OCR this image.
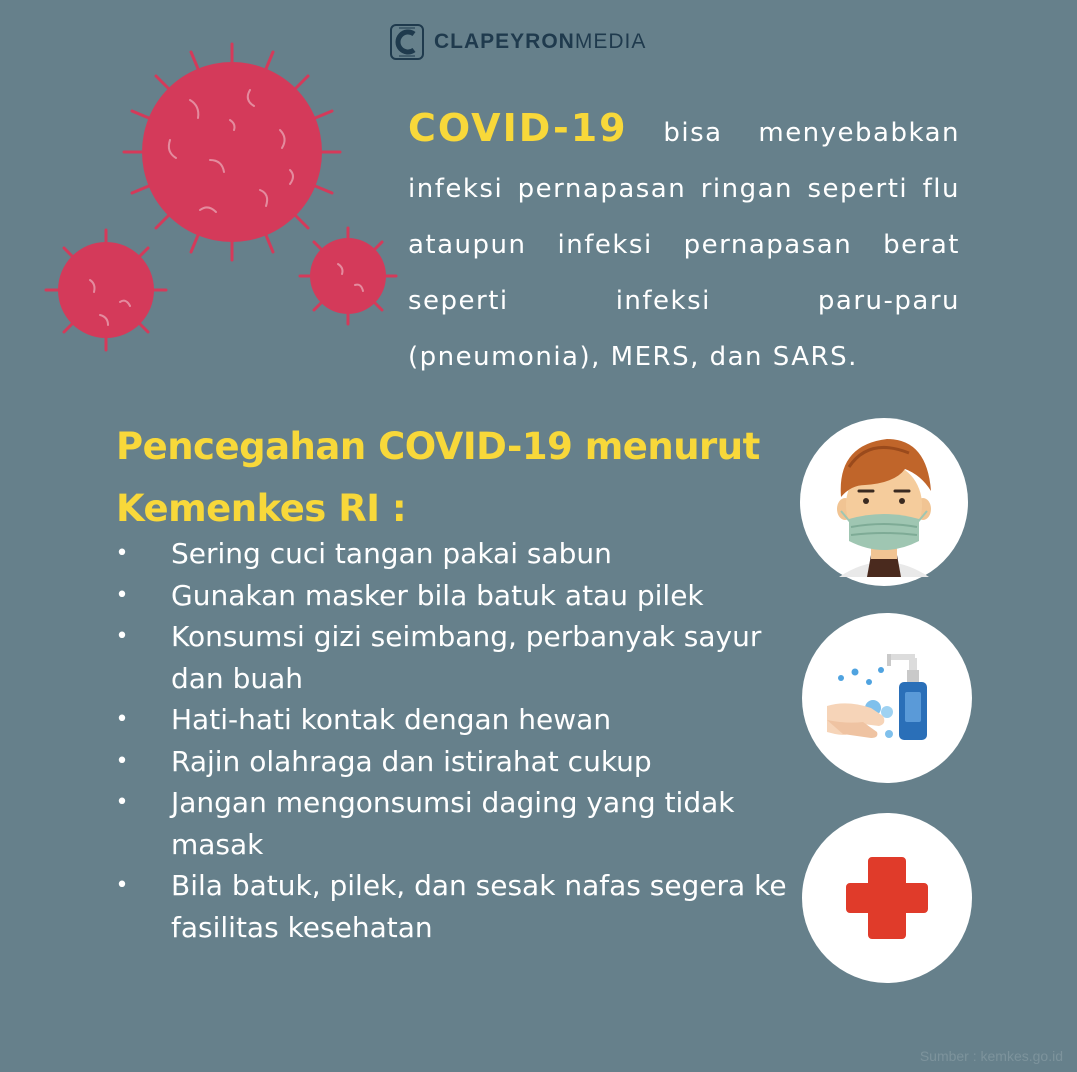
CLAPEYRONMEDIA
COVID-19 bisa menyebabkan infeksi pernapasan ringan seperti flu ataupun infeksi pernapasan berat seperti infeksi paru-paru (pneumonia), MERS, dan SARS.
Pencegahan COVID-19 menurut Kemenkes RI :
• Sering cuci tangan pakai sabun
• Gunakan masker bila batuk atau pilek
• Konsumsi gizi seimbang, perbanyak sayur dan buah
• Hati-hati kontak dengan hewan
• Rajin olahraga dan istirahat cukup
• Jangan mengonsumsi daging yang tidak masak
• Bila batuk, pilek, dan sesak nafas segera ke fasilitas kesehatan
Sumber : kemkes.go.id
